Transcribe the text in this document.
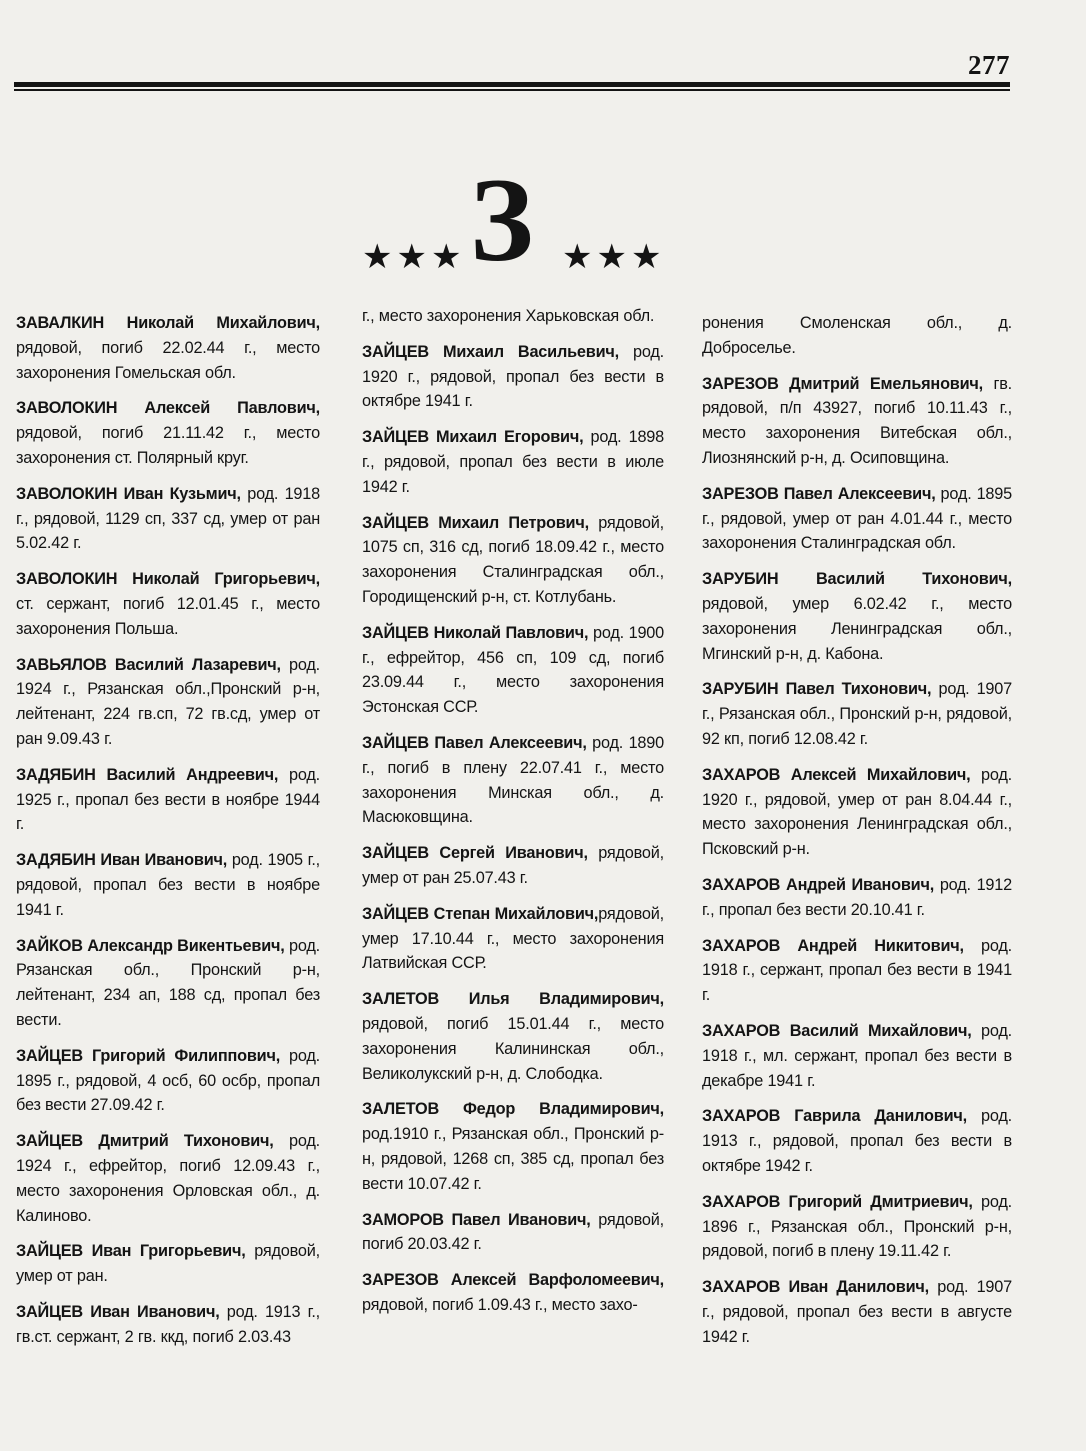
277
★★★ З ★★★

ЗАВАЛКИН Николай Михайлович, рядовой, погиб 22.02.44 г., место захоронения Гомельская обл.

ЗАВОЛОКИН Алексей Павлович, рядовой, погиб 21.11.42 г., место захоронения ст. Полярный круг.

ЗАВОЛОКИН Иван Кузьмич, род. 1918 г., рядовой, 1129 сп, 337 сд, умер от ран 5.02.42 г.

ЗАВОЛОКИН Николай Григорьевич, ст. сержант, погиб 12.01.45 г., место захоронения Польша.

ЗАВЬЯЛОВ Василий Лазаревич, род. 1924 г., Рязанская обл.,Пронский р-н, лейтенант, 224 гв.сп, 72 гв.сд, умер от ран 9.09.43 г.

ЗАДЯБИН Василий Андреевич, род. 1925 г., пропал без вести в ноябре 1944 г.

ЗАДЯБИН Иван Иванович, род. 1905 г., рядовой, пропал без вести в ноябре 1941 г.

ЗАЙКОВ Александр Викентьевич, род. Рязанская обл., Пронский р-н, лейтенант, 234 ап, 188 сд, пропал без вести.

ЗАЙЦЕВ Григорий Филиппович, род. 1895 г., рядовой, 4 осб, 60 осбр, пропал без вести 27.09.42 г.

ЗАЙЦЕВ Дмитрий Тихонович, род. 1924 г., ефрейтор, погиб 12.09.43 г., место захоронения Орловская обл., д. Калиново.

ЗАЙЦЕВ Иван Григорьевич, рядовой, умер от ран.

ЗАЙЦЕВ Иван Иванович, род. 1913 г., гв.ст. сержант, 2 гв. ккд, погиб 2.03.43

г., место захоронения Харьковская обл.

ЗАЙЦЕВ Михаил Васильевич, род. 1920 г., рядовой, пропал без вести в октябре 1941 г.

ЗАЙЦЕВ Михаил Егорович, род. 1898 г., рядовой, пропал без вести в июле 1942 г.

ЗАЙЦЕВ Михаил Петрович, рядовой, 1075 сп, 316 сд, погиб 18.09.42 г., место захоронения Сталинградская обл., Городищенский р-н, ст. Котлубань.

ЗАЙЦЕВ Николай Павлович, род. 1900 г., ефрейтор, 456 сп, 109 сд, погиб 23.09.44 г., место захоронения Эстонская ССР.

ЗАЙЦЕВ Павел Алексеевич, род. 1890 г., погиб в плену 22.07.41 г., место захоронения Минская обл., д. Масюковщина.

ЗАЙЦЕВ Сергей Иванович, рядовой, умер от ран 25.07.43 г.

ЗАЙЦЕВ Степан Михайлович,рядовой, умер 17.10.44 г., место захоронения Латвийская ССР.

ЗАЛЕТОВ Илья Владимирович, рядовой, погиб 15.01.44 г., место захоронения Калининская обл., Великолукский р-н, д. Слободка.

ЗАЛЕТОВ Федор Владимирович, род.1910 г., Рязанская обл., Пронский р-н, рядовой, 1268 сп, 385 сд, пропал без вести 10.07.42 г.

ЗАМОРОВ Павел Иванович, рядовой, погиб 20.03.42 г.

ЗАРЕЗОВ Алексей Варфоломеевич, рядовой, погиб 1.09.43 г., место захо-

ронения Смоленская обл., д. Доброселье.

ЗАРЕЗОВ Дмитрий Емельянович, гв. рядовой, п/п 43927, погиб 10.11.43 г., место захоронения Витебская обл., Лиознянский р-н, д. Осиповщина.

ЗАРЕЗОВ Павел Алексеевич, род. 1895 г., рядовой, умер от ран 4.01.44 г., место захоронения Сталинградская обл.

ЗАРУБИН Василий Тихонович, рядовой, умер 6.02.42 г., место захоронения Ленинградская обл., Мгинский р-н, д. Кабона.

ЗАРУБИН Павел Тихонович, род. 1907 г., Рязанская обл., Пронский р-н, рядовой, 92 кп, погиб 12.08.42 г.

ЗАХАРОВ Алексей Михайлович, род. 1920 г., рядовой, умер от ран 8.04.44 г., место захоронения Ленинградская обл., Псковский р-н.

ЗАХАРОВ Андрей Иванович, род. 1912 г., пропал без вести 20.10.41 г.

ЗАХАРОВ Андрей Никитович, род. 1918 г., сержант, пропал без вести в 1941 г.

ЗАХАРОВ Василий Михайлович, род. 1918 г., мл. сержант, пропал без вести в декабре 1941 г.

ЗАХАРОВ Гаврила Данилович, род. 1913 г., рядовой, пропал без вести в октябре 1942 г.

ЗАХАРОВ Григорий Дмитриевич, род. 1896 г., Рязанская обл., Пронский р-н, рядовой, погиб в плену 19.11.42 г.

ЗАХАРОВ Иван Данилович, род. 1907 г., рядовой, пропал без вести в августе 1942 г.
